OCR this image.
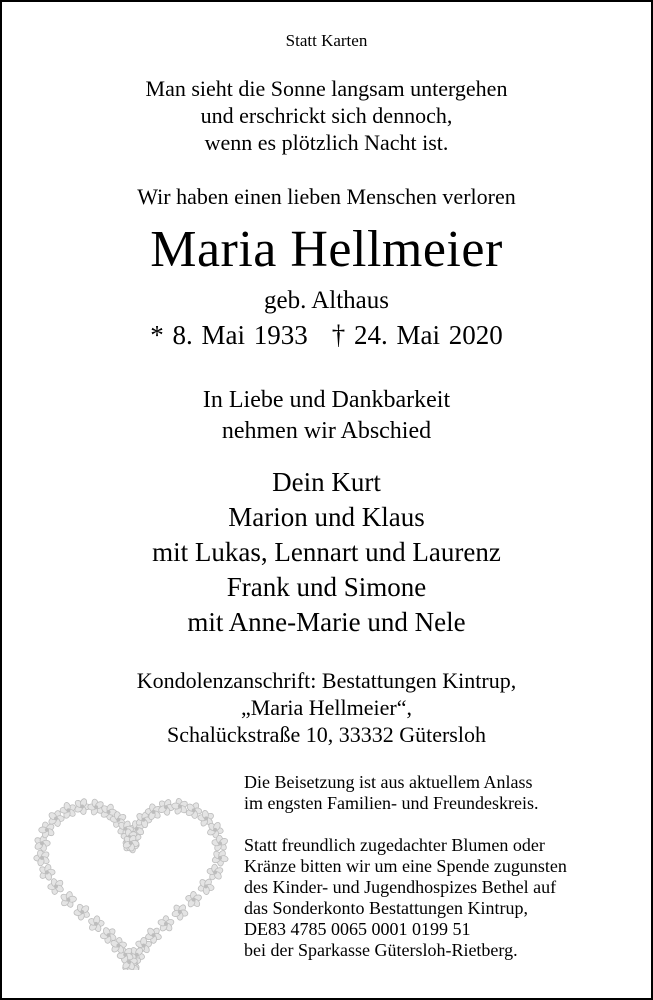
Statt Karten
Man sieht die Sonne langsam untergehen
und erschrickt sich dennoch,
wenn es plötzlich Nacht ist.
Wir haben einen lieben Menschen verloren
Maria Hellmeier
geb. Althaus
* 8. Mai 1933 † 24. Mai 2020
In Liebe und Dankbarkeit
nehmen wir Abschied
Dein Kurt
Marion und Klaus
mit Lukas, Lennart und Laurenz
Frank und Simone
mit Anne-Marie und Nele
Kondolenzanschrift: Bestattungen Kintrup,
„Maria Hellmeier“,
Schalückstraße 10, 33332 Gütersloh
Die Beisetzung ist aus aktuellem Anlass
im engsten Familien- und Freundeskreis.
Statt freundlich zugedachter Blumen oder
Kränze bitten wir um eine Spende zugunsten
des Kinder- und Jugendhospizes Bethel auf
das Sonderkonto Bestattungen Kintrup,
DE83 4785 0065 0001 0199 51
bei der Sparkasse Gütersloh-Rietberg.
